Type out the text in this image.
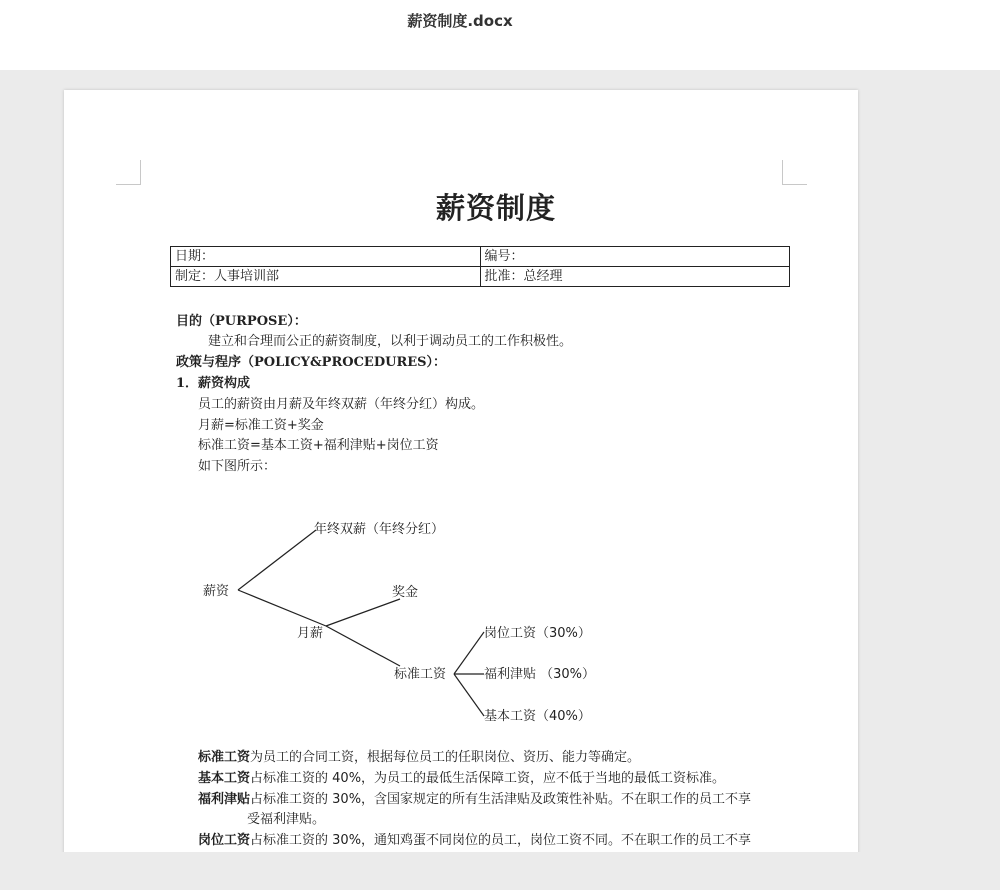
薪资制度.docx
薪资制度
日期：	编号：
制定：人事培训部	批准：总经理
目的（PURPOSE）：
建立和合理而公正的薪资制度，以利于调动员工的工作积极性。
政策与程序（POLICY&PROCEDURES）：
1．薪资构成
员工的薪资由月薪及年终双薪（年终分红）构成。
月薪=标准工资+奖金
标准工资=基本工资+福利津贴+岗位工资
如下图所示：
年终双薪（年终分红）
薪资	奖金
月薪	岗位工资（30%）
标准工资	福利津贴 （30%）
基本工资（40%）
标准工资为员工的合同工资，根据每位员工的任职岗位、资历、能力等确定。
基本工资占标准工资的 40%，为员工的最低生活保障工资，应不低于当地的最低工资标准。
福利津贴占标准工资的 30%，含国家规定的所有生活津贴及政策性补贴。不在职工作的员工不享
受福利津贴。
岗位工资占标准工资的 30%，通知鸡蛋不同岗位的员工，岗位工资不同。不在职工作的员工不享
